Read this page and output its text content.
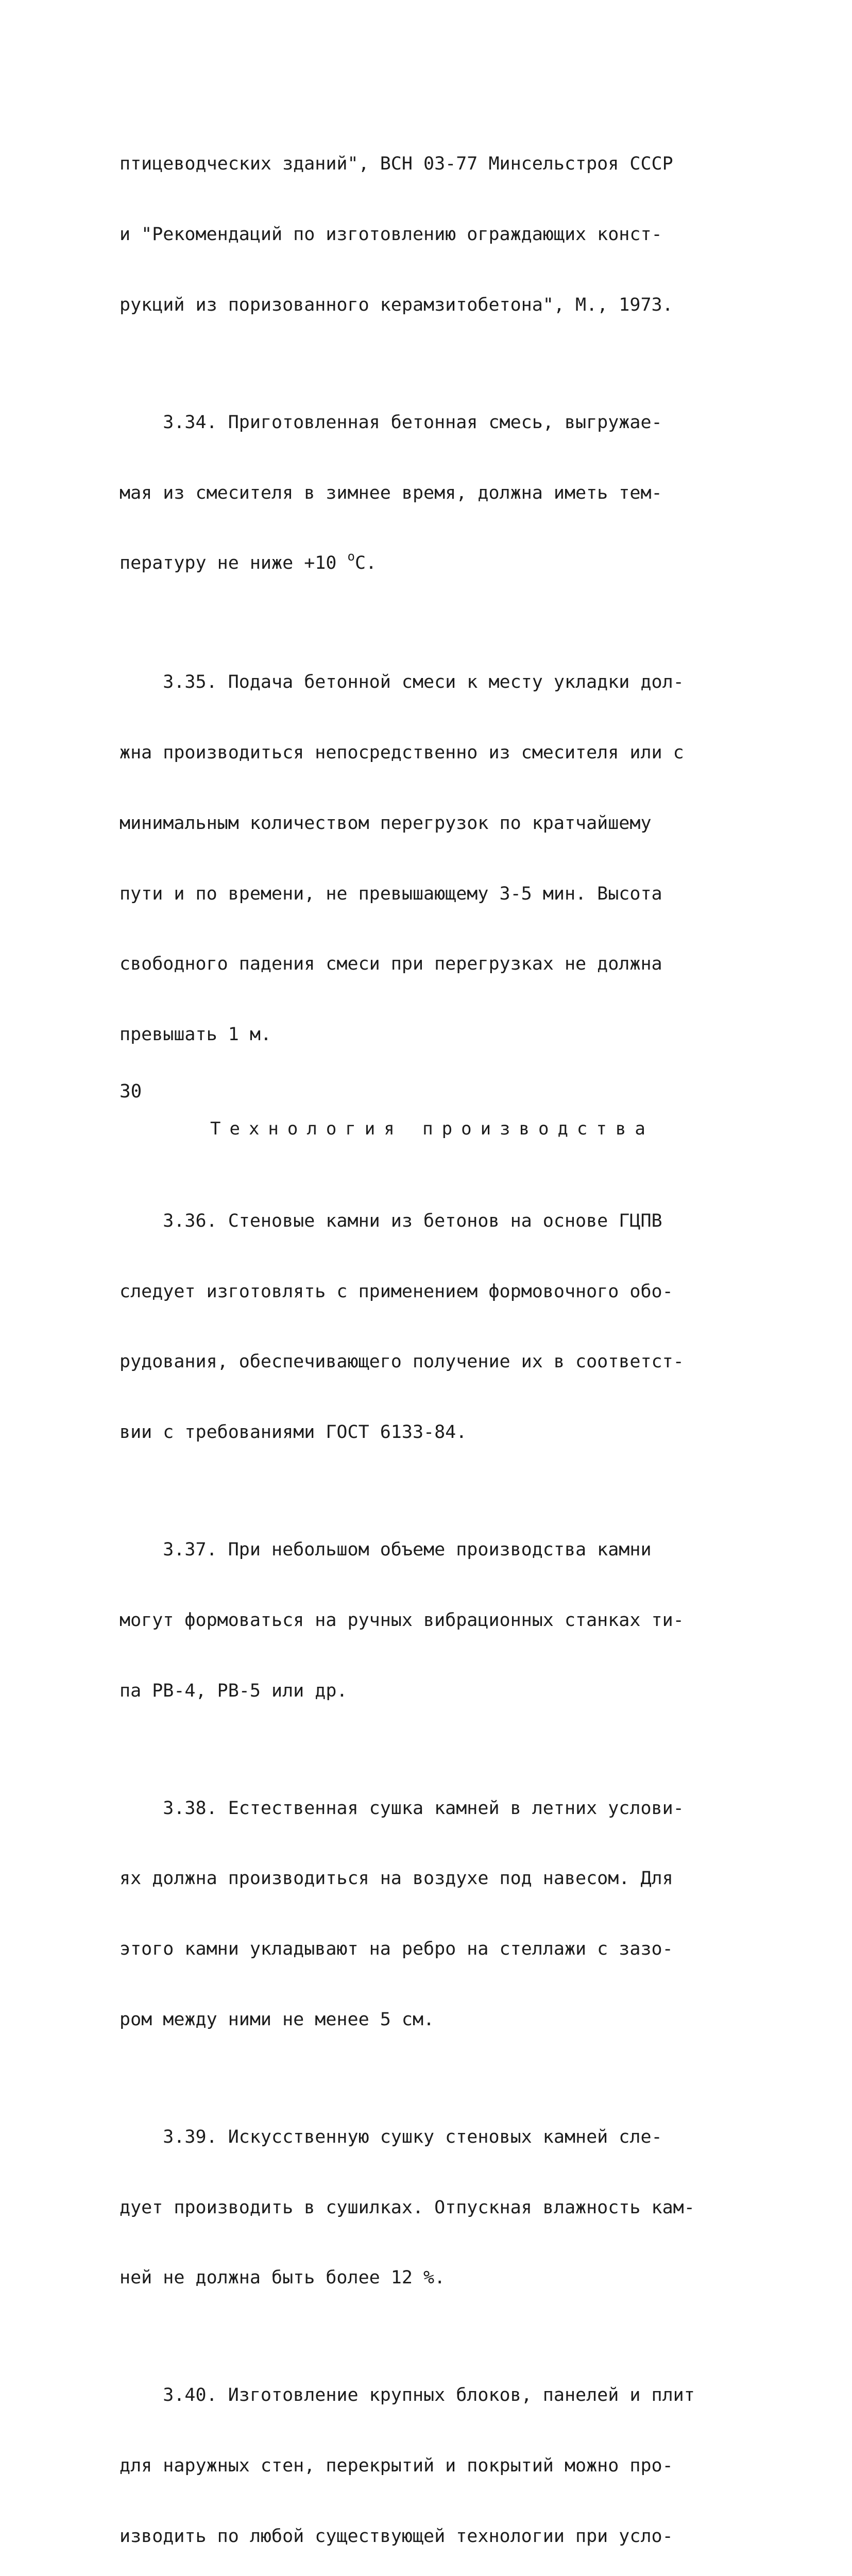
птицеводческих зданий", ВСН 03-77 Минсельстроя СССР

и "Рекомендаций по изготовлению ограждающих конст-

рукций из поризованного керамзитобетона", М., 1973.

3.34. Приготовленная бетонная смесь, выгружае-

мая из смесителя в зимнее время, должна иметь тем-

пературу не ниже +10 $^o$С.

3.35. Подача бетонной смеси к месту укладки дол-

жна производиться непосредственно из смесителя или с

минимальным количеством перегрузок по кратчайшему

пути и по времени, не превышающему 3-5 мин. Высота

свободного падения смеси при перегрузках не должна

превышать 1 м.

Технология производства

3.36. Стеновые камни из бетонов на основе ГЦПВ

следует изготовлять с применением формовочного обо-

рудования, обеспечивающего получение их в соответст-

вии с требованиями ГОСТ 6133-84.

3.37. При небольшом объеме производства камни

могут формоваться на ручных вибрационных станках ти-

па РВ-4, РВ-5 или др.

3.38. Естественная сушка камней в летних услови-

ях должна производиться на воздухе под навесом. Для

этого камни укладывают на ребро на стеллажи с зазо-

ром между ними не менее 5 см.

3.39. Искусственную сушку стеновых камней сле-

дует производить в сушилках. Отпускная влажность кам-

ней не должна быть более 12 %.

3.40. Изготовление крупных блоков, панелей и плит

для наружных стен, перекрытий и покрытий можно про-

изводить по любой существующей технологии при усло-

30
